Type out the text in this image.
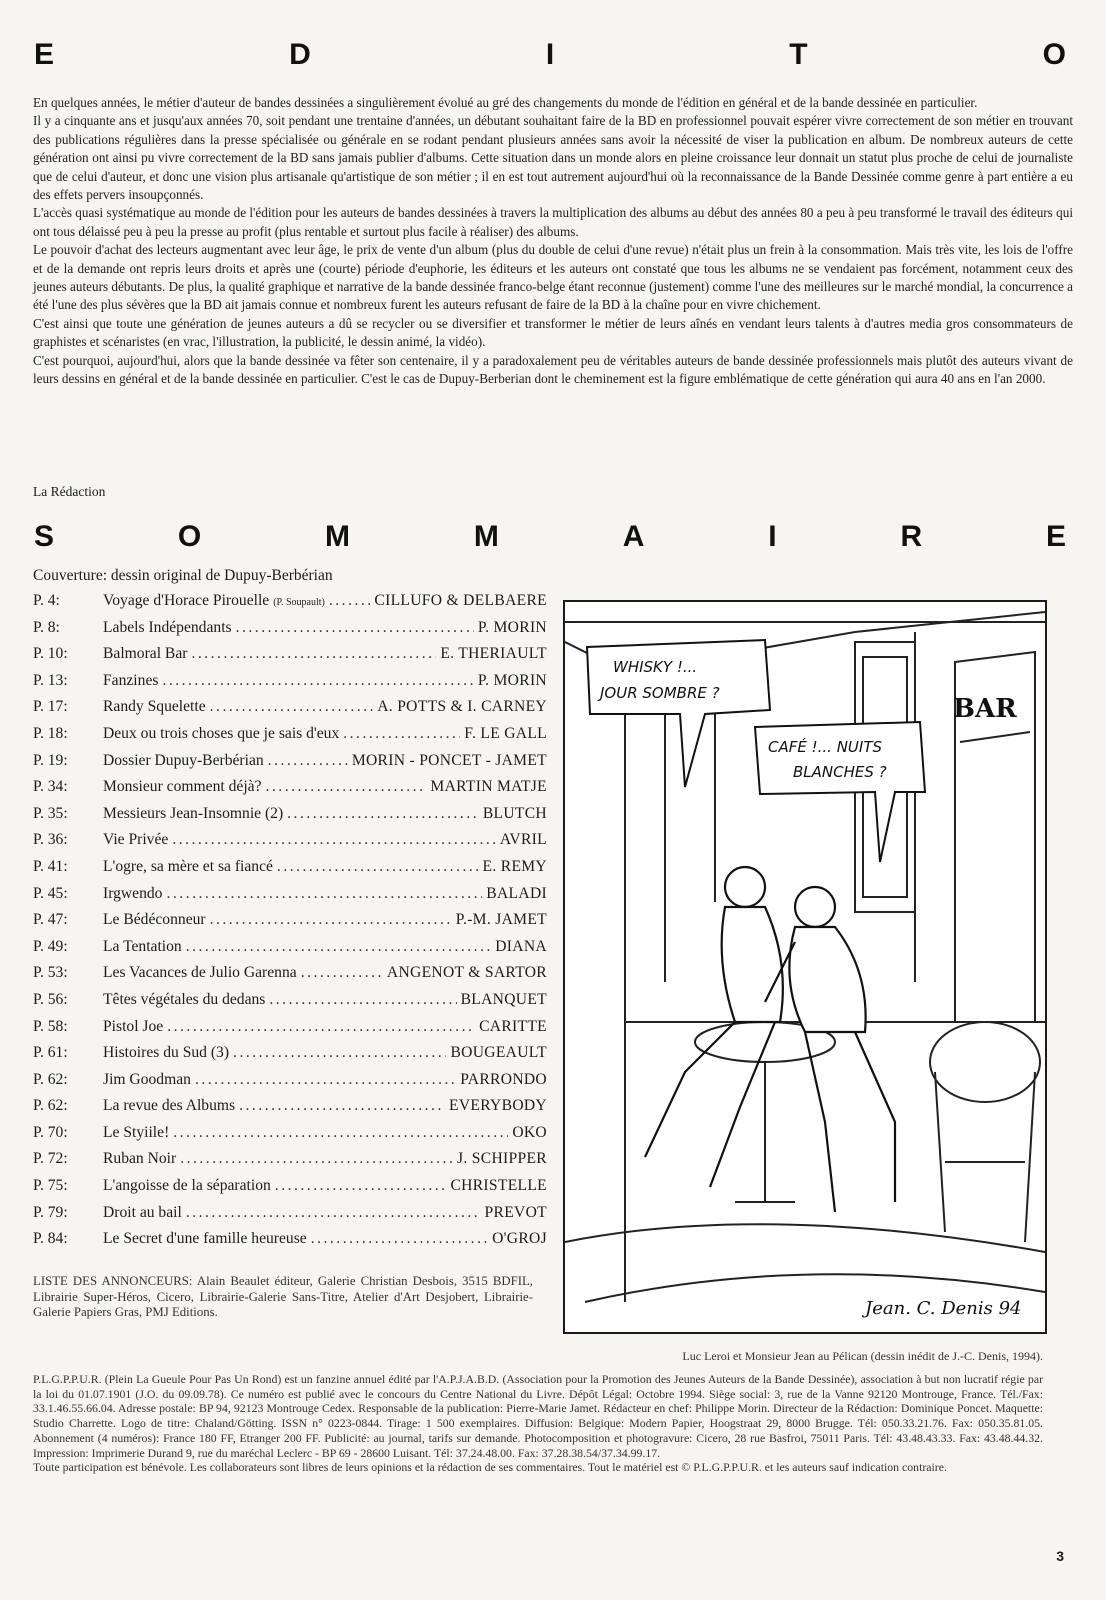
E	D	I	T	O

En quelques années, le métier d'auteur de bandes dessinées a singulièrement évolué au gré des changements du monde de l'édition en général et de la bande dessinée en particulier.

Il y a cinquante ans et jusqu'aux années 70, soit pendant une trentaine d'années, un débutant souhaitant faire de la BD en professionnel pouvait espérer vivre correctement de son métier en trouvant des publications régulières dans la presse spécialisée ou générale en se rodant pendant plusieurs années sans avoir la nécessité de viser la publication en album. De nombreux auteurs de cette génération ont ainsi pu vivre correctement de la BD sans jamais publier d'albums. Cette situation dans un monde alors en pleine croissance leur donnait un statut plus proche de celui de journaliste que de celui d'auteur, et donc une vision plus artisanale qu'artistique de son métier ; il en est tout autrement aujourd'hui où la reconnaissance de la Bande Dessinée comme genre à part entière a eu des effets pervers insoupçonnés.

L'accès quasi systématique au monde de l'édition pour les auteurs de bandes dessinées à travers la multiplication des albums au début des années 80 a peu à peu transformé le travail des éditeurs qui ont tous délaissé peu à peu la presse au profit (plus rentable et surtout plus facile à réaliser) des albums.

Le pouvoir d'achat des lecteurs augmentant avec leur âge, le prix de vente d'un album (plus du double de celui d'une revue) n'était plus un frein à la consommation. Mais très vite, les lois de l'offre et de la demande ont repris leurs droits et après une (courte) période d'euphorie, les éditeurs et les auteurs ont constaté que tous les albums ne se vendaient pas forcément, notamment ceux des jeunes auteurs débutants. De plus, la qualité graphique et narrative de la bande dessinée franco-belge étant reconnue (justement) comme l'une des meilleures sur le marché mondial, la concurrence a été l'une des plus sévères que la BD ait jamais connue et nombreux furent les auteurs refusant de faire de la BD à la chaîne pour en vivre chichement.

C'est ainsi que toute une génération de jeunes auteurs a dû se recycler ou se diversifier et transformer le métier de leurs aînés en vendant leurs talents à d'autres media gros consommateurs de graphistes et scénaristes (en vrac, l'illustration, la publicité, le dessin animé, la vidéo).

C'est pourquoi, aujourd'hui, alors que la bande dessinée va fêter son centenaire, il y a paradoxalement peu de véritables auteurs de bande dessinée professionnels mais plutôt des auteurs vivant de leurs dessins en général et de la bande dessinée en particulier. C'est le cas de Dupuy-Berberian dont le cheminement est la figure emblématique de cette génération qui aura 40 ans en l'an 2000.

La Rédaction
S	O	M	M	A	I	R	E
Couverture: dessin original de Dupuy-Berbérian
P. 4:	Voyage d'Horace Pirouelle (P. Soupault) .....	CILLUFO & DELBAERE
P. 8:	Labels Indépendants .....	P. MORIN
P. 10:	Balmoral Bar .....	E. THERIAULT
P. 13:	Fanzines .....	P. MORIN
P. 17:	Randy Squelette .....	A. POTTS & I. CARNEY
P. 18:	Deux ou trois choses que je sais d'eux .....	F. LE GALL
P. 19:	Dossier Dupuy-Berbérian .....	MORIN - PONCET - JAMET
P. 34:	Monsieur comment déjà? .....	MARTIN MATJE
P. 35:	Messieurs Jean-Insomnie (2) .....	BLUTCH
P. 36:	Vie Privée .....	AVRIL
P. 41:	L'ogre, sa mère et sa fiancé .....	E. REMY
P. 45:	Irgwendo .....	BALADI
P. 47:	Le Bédéconneur .....	P.-M. JAMET
P. 49:	La Tentation .....	DIANA
P. 53:	Les Vacances de Julio Garenna .....	ANGENOT & SARTOR
P. 56:	Têtes végétales du dedans .....	BLANQUET
P. 58:	Pistol Joe .....	CARITTE
P. 61:	Histoires du Sud (3) .....	BOUGEAULT
P. 62:	Jim Goodman .....	PARRONDO
P. 62:	La revue des Albums .....	EVERYBODY
P. 70:	Le Styiile! .....	OKO
P. 72:	Ruban Noir .....	J. SCHIPPER
P. 75:	L'angoisse de la séparation .....	CHRISTELLE
P. 79:	Droit au bail .....	PREVOT
P. 84:	Le Secret d'une famille heureuse .....	O'GROJ
LISTE DES ANNONCEURS: Alain Beaulet éditeur, Galerie Christian Desbois, 3515 BDFIL, Librairie Super-Héros, Cicero, Librairie-Galerie Sans-Titre, Atelier d'Art Desjobert, Librairie-Galerie Papiers Gras, PMJ Editions.
BAR
WHISKY !...
JOUR SOMBRE ?
CAFÉ !... NUITS
BLANCHES ?
Jean. C. Denis 94
Luc Leroi et Monsieur Jean au Pélican (dessin inédit de J.-C. Denis, 1994).

P.L.G.P.P.U.R. (Plein La Gueule Pour Pas Un Rond) est un fanzine annuel édité par l'A.P.J.A.B.D. (Association pour la Promotion des Jeunes Auteurs de la Bande Dessinée), association à but non lucratif régie par la loi du 01.07.1901 (J.O. du 09.09.78). Ce numéro est publié avec le concours du Centre National du Livre. Dépôt Légal: Octobre 1994. Siège social: 3, rue de la Vanne 92120 Montrouge, France. Tél./Fax: 33.1.46.55.66.04. Adresse postale: BP 94, 92123 Montrouge Cedex. Responsable de la publication: Pierre-Marie Jamet. Rédacteur en chef: Philippe Morin. Directeur de la Rédaction: Dominique Poncet. Maquette: Studio Charrette. Logo de titre: Chaland/Götting. ISSN n° 0223-0844. Tirage: 1 500 exemplaires. Diffusion: Belgique: Modern Papier, Hoogstraat 29, 8000 Brugge. Tél: 050.33.21.76. Fax: 050.35.81.05. Abonnement (4 numéros): France 180 FF, Etranger 200 FF. Publicité: au journal, tarifs sur demande. Photocomposition et photogravure: Cicero, 28 rue Basfroi, 75011 Paris. Tél: 43.48.43.33. Fax: 43.48.44.32. Impression: Imprimerie Durand 9, rue du maréchal Leclerc - BP 69 - 28600 Luisant. Tél: 37.24.48.00. Fax: 37.28.38.54/37.34.99.17.

Toute participation est bénévole. Les collaborateurs sont libres de leurs opinions et la rédaction de ses commentaires. Tout le matériel est © P.L.G.P.P.U.R. et les auteurs sauf indication contraire.

3
